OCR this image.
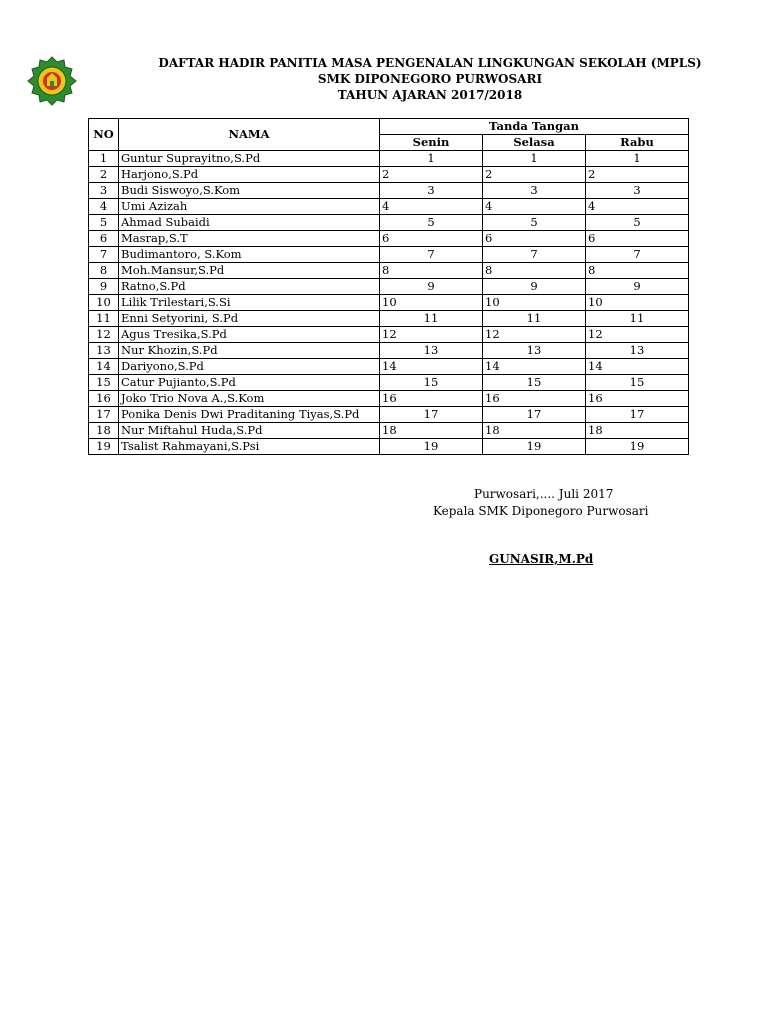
DAFTAR HADIR PANITIA MASA PENGENALAN LINGKUNGAN SEKOLAH (MPLS)
SMK DIPONEGORO PURWOSARI
TAHUN AJARAN 2017/2018
NO	NAMA	Tanda Tangan		
		Senin	Selasa	Rabu
1	Guntur Suprayitno,S.Pd	1	1	1
2	Harjono,S.Pd	2	2	2
3	Budi Siswoyo,S.Kom	3	3	3
4	Umi Azizah	4	4	4
5	Ahmad Subaidi	5	5	5
6	Masrap,S.T	6	6	6
7	Budimantoro, S.Kom	7	7	7
8	Moh.Mansur,S.Pd	8	8	8
9	Ratno,S.Pd	9	9	9
10	Lilik Trilestari,S.Si	10	10	10
11	Enni Setyorini, S.Pd	11	11	11
12	Agus Tresika,S.Pd	12	12	12
13	Nur Khozin,S.Pd	13	13	13
14	Dariyono,S.Pd	14	14	14
15	Catur Pujianto,S.Pd	15	15	15
16	Joko Trio Nova A.,S.Kom	16	16	16
17	Ponika Denis Dwi Praditaning Tiyas,S.Pd	17	17	17
18	Nur Miftahul Huda,S.Pd	18	18	18
19	Tsalist Rahmayani,S.Psi	19	19	19
Purwosari,.... Juli 2017
Kepala SMK Diponegoro Purwosari
GUNASIR,M.Pd
